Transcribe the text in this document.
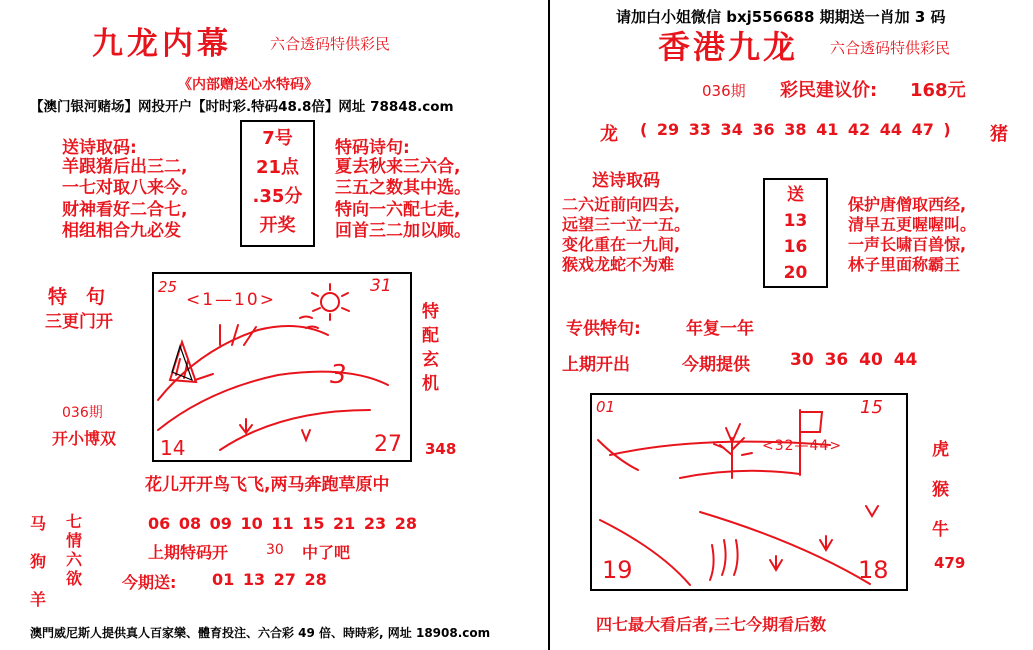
九龙内幕	六合透码特供彩民
《内部赠送心水特码》
【澳门银河赌场】网投开户【时时彩.特码48.8倍】网址 78848.com
送诗取码:
羊跟猪后出三二,
一七对取八来今。
财神看好二合七,
相组相合九必发
7号
21点
.35分
开奖
特码诗句:
夏去秋来三六合,
三五之数其中选。
特向一六配七走,
回首三二加以顾。
特　句
三更门开
036期
开小博双
25	31
14	27
<1—10>
3
特配玄机
348
花儿开开鸟飞飞,两马奔跑草原中
马
狗
羊
七情六欲
06 08 09 10 11 15 21 23 28
上期特码开	30 中了吧
今期送: 01 13 27 28
澳門威尼斯人提供真人百家樂、體育投注、六合彩 49 倍、時時彩, 网址 18908.com
请加白小姐微信 bxj556688 期期送一肖加 3 码
香港九龙 六合透码特供彩民
036期 彩民建议价: 168元
龙 ( 29 33 34 36 38 41 42 44 47 ) 猪
送诗取码
二六近前向四去,
远望三一立一五。
变化重在一九间,
猴戏龙蛇不为难
送
13
16
20
保护唐僧取西经,
清早五更喔喔叫。
一声长啸百兽惊,
林子里面称霸王
专供特句:	年复一年
上期开出	今期提供 30 36 40 44
01	15
19	18
<32—44>	虎
猴
牛
479
四七最大看后者,三七今期看后数
